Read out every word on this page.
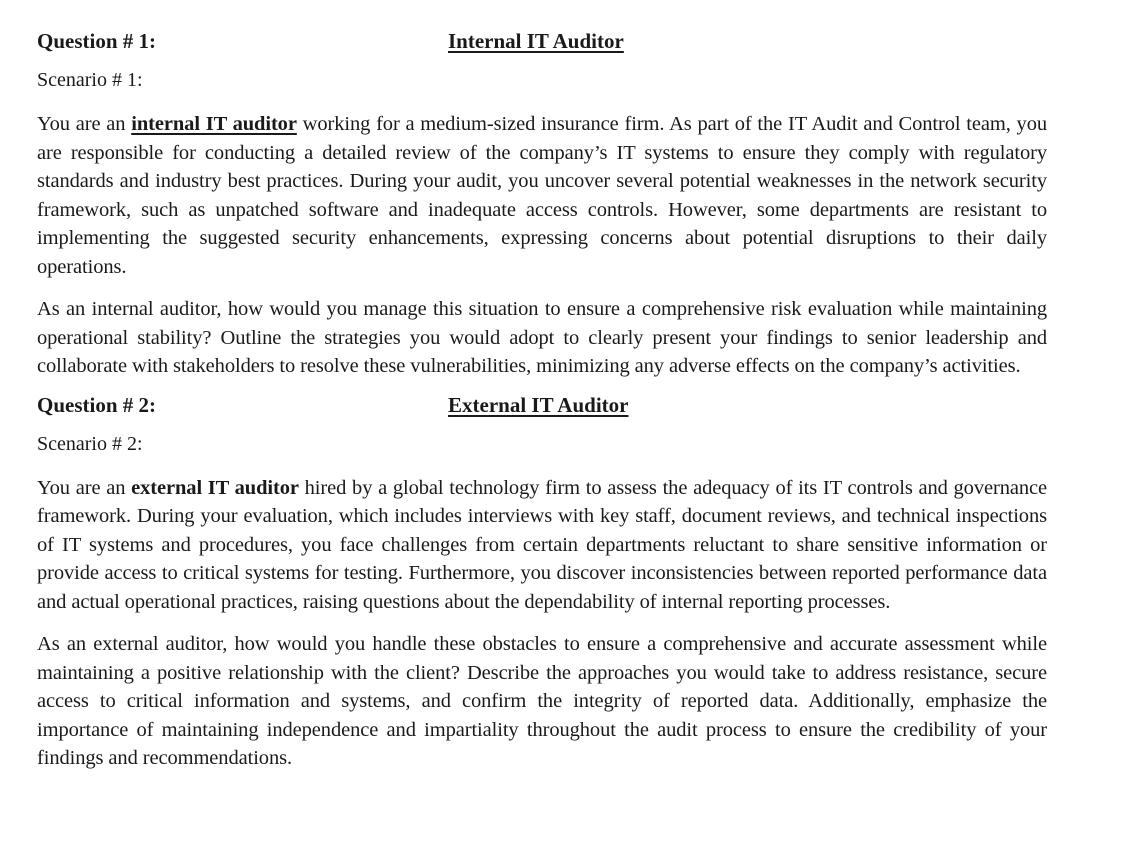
Question # 1:	Internal IT Auditor
Scenario # 1:

You are an internal IT auditor working for a medium-sized insurance firm. As part of the IT Audit and Control team, you are responsible for conducting a detailed review of the company’s IT systems to ensure they comply with regulatory standards and industry best practices. During your audit, you uncover several potential weaknesses in the network security framework, such as unpatched software and inadequate access controls. However, some departments are resistant to implementing the suggested security enhancements, expressing concerns about potential disruptions to their daily operations.

As an internal auditor, how would you manage this situation to ensure a comprehensive risk evaluation while maintaining operational stability? Outline the strategies you would adopt to clearly present your findings to senior leadership and collaborate with stakeholders to resolve these vulnerabilities, minimizing any adverse effects on the company’s activities.

Question # 2:	External IT Auditor
Scenario # 2:

You are an external IT auditor hired by a global technology firm to assess the adequacy of its IT controls and governance framework. During your evaluation, which includes interviews with key staff, document reviews, and technical inspections of IT systems and procedures, you face challenges from certain departments reluctant to share sensitive information or provide access to critical systems for testing. Furthermore, you discover inconsistencies between reported performance data and actual operational practices, raising questions about the dependability of internal reporting processes.

As an external auditor, how would you handle these obstacles to ensure a comprehensive and accurate assessment while maintaining a positive relationship with the client? Describe the approaches you would take to address resistance, secure access to critical information and systems, and confirm the integrity of reported data. Additionally, emphasize the importance of maintaining independence and impartiality throughout the audit process to ensure the credibility of your findings and recommendations.
